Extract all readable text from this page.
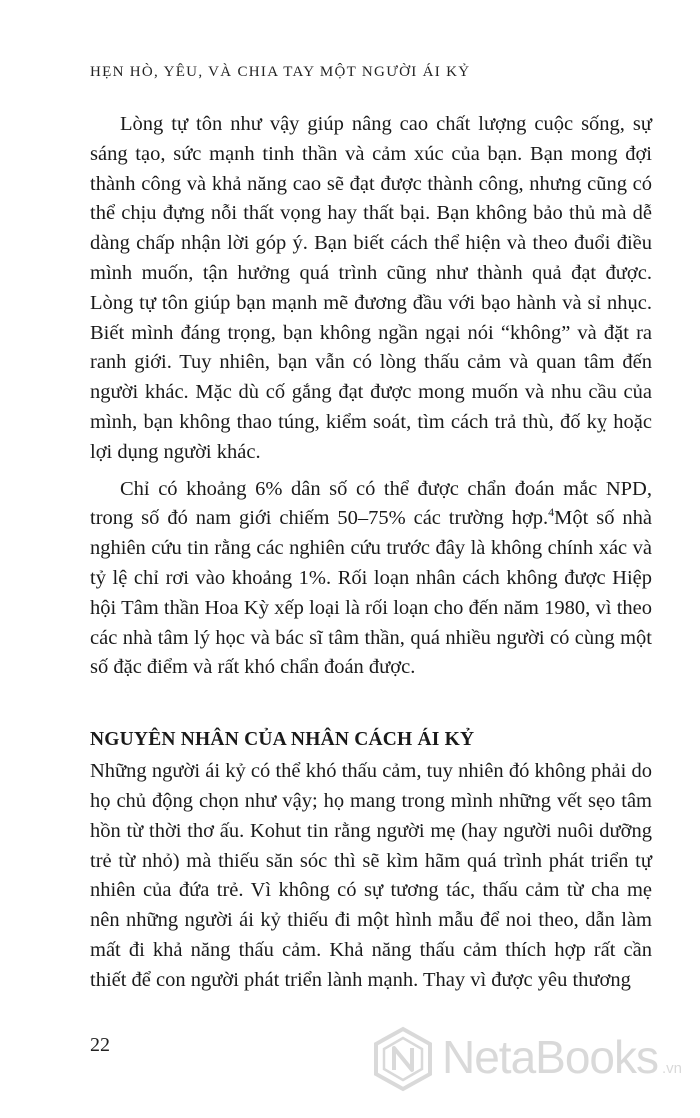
HẸN HÒ, YÊU, VÀ CHIA TAY MỘT NGƯỜI ÁI KỶ

Lòng tự tôn như vậy giúp nâng cao chất lượng cuộc sống, sự sáng tạo, sức mạnh tinh thần và cảm xúc của bạn. Bạn mong đợi thành công và khả năng cao sẽ đạt được thành công, nhưng cũng có thể chịu đựng nỗi thất vọng hay thất bại. Bạn không bảo thủ mà dễ dàng chấp nhận lời góp ý. Bạn biết cách thể hiện và theo đuổi điều mình muốn, tận hưởng quá trình cũng như thành quả đạt được. Lòng tự tôn giúp bạn mạnh mẽ đương đầu với bạo hành và sỉ nhục. Biết mình đáng trọng, bạn không ngần ngại nói “không” và đặt ra ranh giới. Tuy nhiên, bạn vẫn có lòng thấu cảm và quan tâm đến người khác. Mặc dù cố gắng đạt được mong muốn và nhu cầu của mình, bạn không thao túng, kiểm soát, tìm cách trả thù, đố kỵ hoặc lợi dụng người khác.

Chỉ có khoảng 6% dân số có thể được chẩn đoán mắc NPD, trong số đó nam giới chiếm 50–75% các trường hợp.$^4$Một số nhà nghiên cứu tin rằng các nghiên cứu trước đây là không chính xác và tỷ lệ chỉ rơi vào khoảng 1%. Rối loạn nhân cách không được Hiệp hội Tâm thần Hoa Kỳ xếp loại là rối loạn cho đến năm 1980, vì theo các nhà tâm lý học và bác sĩ tâm thần, quá nhiều người có cùng một số đặc điểm và rất khó chẩn đoán được.

NGUYÊN NHÂN CỦA NHÂN CÁCH ÁI KỶ

Những người ái kỷ có thể khó thấu cảm, tuy nhiên đó không phải do họ chủ động chọn như vậy; họ mang trong mình những vết sẹo tâm hồn từ thời thơ ấu. Kohut tin rằng người mẹ (hay người nuôi dưỡng trẻ từ nhỏ) mà thiếu săn sóc thì sẽ kìm hãm quá trình phát triển tự nhiên của đứa trẻ. Vì không có sự tương tác, thấu cảm từ cha mẹ nên những người ái kỷ thiếu đi một hình mẫu để noi theo, dẫn làm mất đi khả năng thấu cảm. Khả năng thấu cảm thích hợp rất cần thiết để con người phát triển lành mạnh. Thay vì được yêu thương

22	NetaBooks .vn
